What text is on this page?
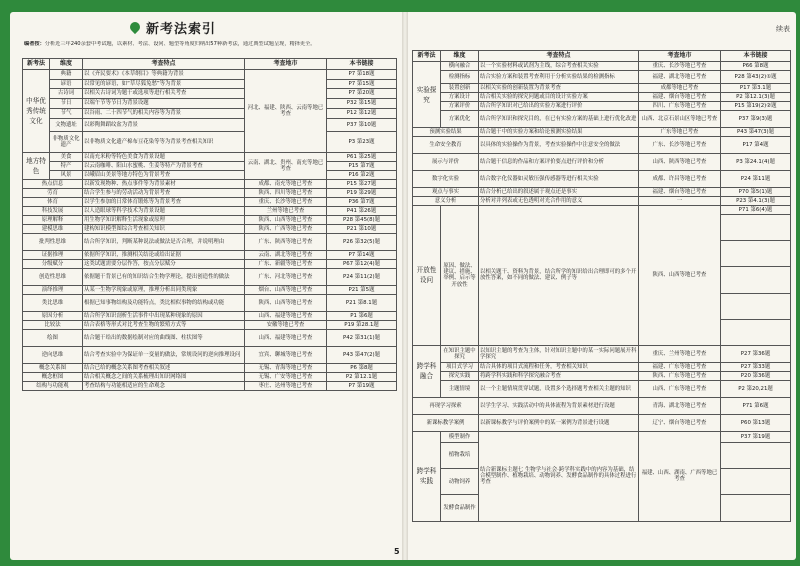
新考法索引
编者按：分析近三年240余套中考试题，以素材、考法、设问、题型等角度归纳出57种新考法，通过典型试题呈现，精择更全。
新考法	维度	考查特点	考查地市	本书链接
中华优秀传统文化	典籍	以《齐民要术》《本草纲目》等典籍为背景	河北、福建、陕西、云南等地已考查	P7 第18题
	谚语	以常见的谚语，如“草尽狐兔愁”等为背景		P7 第15题
	古诗词	以相关古诗词为题干或选项等进行相关考查		P7 第20题
	节日	以端午节等节日为背景设题		P32 第15题
	节气	以谷雨、二十四节气的相关内容等为背景		P12 第12题
	文物遗址	以彩陶舞蹈纹盆为背景		P37 第10题
	非物质文化遗产	以非物质文化遗产棉布豆花染等等为背景考查相关知识		P3 第23题
地方特色	美食	以南充米粉等特色美食为背景设题	云南、湖北、贵州、南充等地已考查	P61 第25题
	特产	以云南咖啡、阳山水蜜桃、生姜等特产为背景考查		P15 第7题
	风景	以峨眉山美景等地方特色为背景考查		P16 第2题
热点信息		以新发现物种、热点事件等为背景素材	成都、南充等地已考查	P15 第27题
劳育		结合学生参与的劳动活动为背景考查	陕西、四川等地已考查	P19 第29题
体育		以学生参加的日常体育锻炼等为背景考查	重庆、长沙等地已考查	P36 第7题
科技发展		以人造眼球等科学技术为背景设题	兰州等地已考查	P41 第26题
原理解释		用生物学知识解释生活现象或原理	陕西、山西等地已考查	P28 第45(8)题
建模思维		建构知识模型图综合考查相关知识	陕西、广西等地已考查	P21 第10题
批判性思维		结合所学知识，判断某种说法或做法是否合理，并说明理由	广东、陕西等地已考查	P26 第32(5)题
证据推理		依据所学知识，推测相关结论或给出证据	云南、湖北等地已考查	P7 第14题
分级赋分		这类试题需要分层作答，按点分层赋分	广东、新疆等地已考查	P67 第12(4)题
创造性思维		依据题干背景已有的知识结合生物学理论，提出创造性的做法	广东、河北等地已考查	P24 第11(2)题
演绎推理		从某一生物学现象或原理，推理分析出同类现象	烟台、山西等地已考查	P21 第5题
类比思维		根据已知事物结构及功能特点，类比相似事物的结构或功能	陕西、山西等地已考查	P21 第8.1题
原因分析		结合所学知识剖析生活事件中出现某种现象的原因	山西、福建等地已考查	P1 第6题
比较法		结合表格等形式对比考查生物的繁殖方式等	安徽等地已考查	P19 第28.1题
绘图		结合题干给出的数据绘制对应的曲线图、柱状图等	山西、福建等地已考查	P42 第31(1)题
逆向思维		结合考查实验中为保证单一变量的做法，常规设问的逆向推理设问	宜宾、聊城等地已考查	P43 第47(2)题
概念关系图		结合已给的概念关系图考查相关叙述	无锡、青海等地已考查	P6 第8题
概念框图		结合相关概念之间的关系梳理出知识网络图	无锡、广安等地已考查	P2 第12.1题
结构与功能观		考查结构与功能相适应的生命观念	枣庄、达州等地已考查	P7 第19题
5
续表
新考法	维度	考查特点	考查地市	本书链接	
实验探究	横向融合	以一个实验材料或试剂为主线，综合考查相关实验	重庆、长沙等地已考查	P66 第8题	
	检测指标	结合实验方案和装置考查利用于分析实验结果的检测指标	福建、湖北等地已考查	P28 第43(2)①题	
	装置创新	以相关实验的创新装置为背景考查	成都等地已考查	P17 第3.1题	
	方案设计	结合相关实验的探究问题或目的设计实验方案	福建、烟台等地已考查	P2 第12.1(3)题	
	方案评价	结合所学知识对已给出的实验方案进行评价	四川、广东等地已考查	P15 第19(2)②题	
	方案优化	结合所学知识和探究目的，在已有实验方案的基础上进行优化改进	山西、北京石景山区等地已考查	P37 第9(3)题	
预测实验结果		结合题干中的实验方案和给论预测实验结果	广东等地已考查	P43 第47(3)题	
生命安全教育		以具体的实验操作为背景，考查实验操作中注意安全的做法	广东、长沙等地已考查	P17 第4题	
展示与评价		结合题干信息的作品和方案评价要点进行评价和分析	山西、陕西等地已考查	P3 第24.1(4)题	
数字化实验		结合数字化仪器如灵敏压强传感器等进行相关实验	成都、许昌等地已考查	P24 第11题	
观点与事实		结合分析已给出的叙述属于观点还是事实	福建、烟台等地已考查	P70 第5(1)题	
意义分析		分析对并列表或无色透明对光合作用的意义	一	P23 第4.1(3)题	
开放性设问	原因、做法、建议、措施、举例、启示等开放性	以相关题干、资料为背景，结合所学的知识给出合理即可的多个开放性答案，如不同的做法、建议、例子等	陕西、山西等地已考查	P71 第6(4)题	

跨学科融合	在知识主题中探究	以知识主题的考查为主体，针对知识主题中的某一实际问题展开科学探究	重庆、兰州等地已考查	P27 第36题	
	项目式学习	结合具体的项目式流程和任务，考查相关知识	福建、广东等地已考查	P27 第33题	
	探究实践	将跨学科实践和科学探究融合考查	陕西、广东等地已考查	P20 第36题	
	主题情境	以一个主题情境贯穿试题，设置多个选择题考查相关主题的知识	山西、广东等地已考查	P2 第20,21题	
再现学习探索		以学生学习、实践活动中的具体流程为背景素材进行设题	青海、湖北等地已考查	P71 第6题	
新课标教学案例		以新课标教学与评价案例中的某一案例为背景进行设题	辽宁、烟台等地已考查	P60 第13题	
跨学科实践	模型制作	结合新课标主题七 生物学与社会·跨学科实践中的内容为基础，结合模型制作、植物栽培、动物饲养、发酵食品制作的具体过程进行考查	福建、山西、湖南、广西等地已考查	P37 第19题	
	植物栽培			
	动物饲养			
	发酵食品制作			
